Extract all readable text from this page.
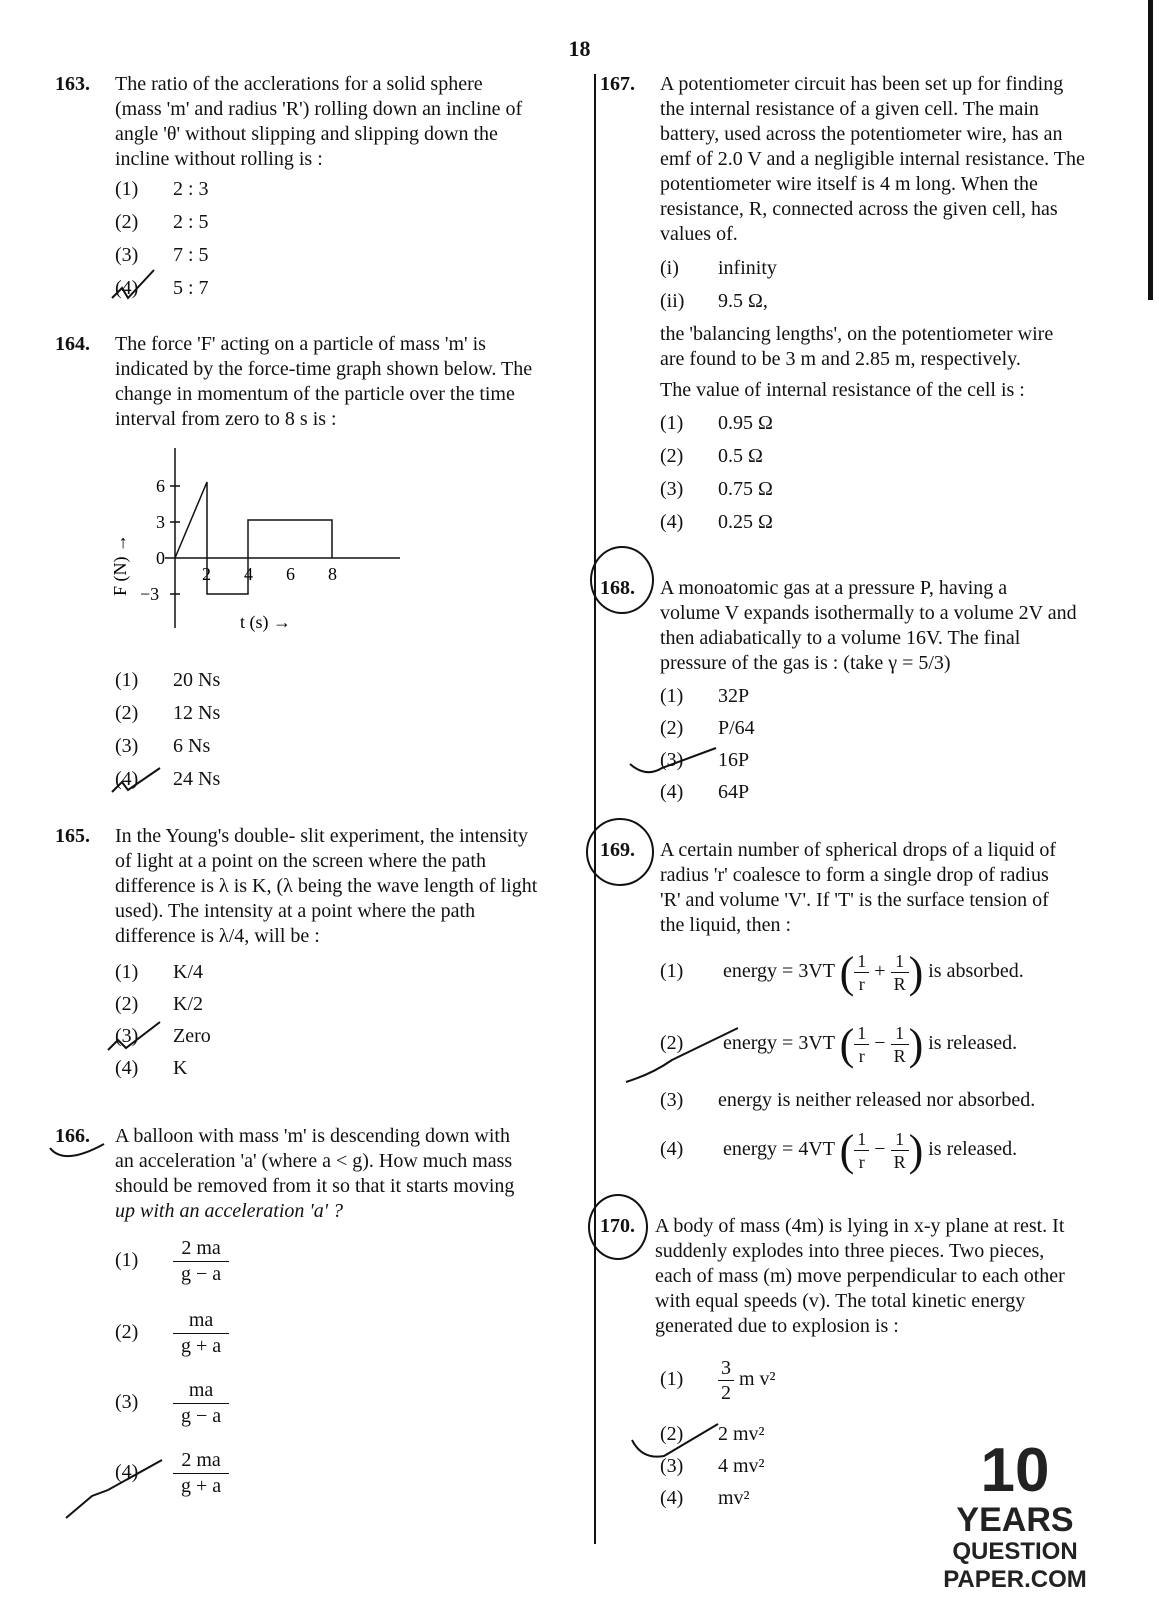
18
163. The ratio of the acclerations for a solid sphere
(mass 'm' and radius 'R') rolling down an incline of
angle 'θ' without slipping and slipping down the
incline without rolling is :
(1) 2 : 3
(2) 2 : 5
(3) 7 : 5
(4) 5 : 7
164. The force 'F' acting on a particle of mass 'm' is
indicated by the force-time graph shown below. The
change in momentum of the particle over the time
interval from zero to 8 s is :
6
3
0
−3
2 4 6 8
t (s) →
F (N) →
(1) 20 Ns
(2) 12 Ns
(3) 6 Ns
(4) 24 Ns
165. In the Young's double- slit experiment, the intensity
of light at a point on the screen where the path
difference is λ is K, (λ being the wave length of light
used). The intensity at a point where the path
difference is λ/4, will be :
(1) K/4
(2) K/2
(3) Zero
(4) K
166. A balloon with mass 'm' is descending down with
an acceleration 'a' (where a < g). How much mass
should be removed from it so that it starts moving
up with an acceleration 'a' ?
$(1) \frac{2 ma}{g - a}$
$(2) \frac{ma}{g + a}$
$(3) \frac{ma}{g - a}$
$(4) \frac{2 ma}{g + a}$
167. A potentiometer circuit has been set up for finding
the internal resistance of a given cell. The main
battery, used across the potentiometer wire, has an
emf of 2.0 V and a negligible internal resistance. The
potentiometer wire itself is 4 m long. When the
resistance, R, connected across the given cell, has
values of.
(i) infinity
(ii) 9.5 Ω,
the 'balancing lengths', on the potentiometer wire
are found to be 3 m and 2.85 m, respectively.
The value of internal resistance of the cell is :
(1) 0.95 Ω
(2) 0.5 Ω
(3) 0.75 Ω
(4) 0.25 Ω
168. A monoatomic gas at a pressure P, having a
volume V expands isothermally to a volume 2V and
then adiabatically to a volume 16V. The final
pressure of the gas is : (take γ = 5/3)
(1) 32P
(2) P/64
(3) 16P
(4) 64P
169. A certain number of spherical drops of a liquid of
radius 'r' coalesce to form a single drop of radius
'R' and volume 'V'. If 'T' is the surface tension of
the liquid, then :
(1) energy = 3VT ( $\frac{1}{r} + \frac{1}{R}$ ) is absorbed.
(2) energy = 3VT ( $\frac{1}{r} - \frac{1}{R}$ ) is released.
(3) energy is neither released nor absorbed.
(4) energy = 4VT ( $\frac{1}{r} - \frac{1}{R}$ ) is released.
170. A body of mass (4m) is lying in x-y plane at rest. It
suddenly explodes into three pieces. Two pieces,
each of mass (m) move perpendicular to each other
with equal speeds (v). The total kinetic energy
generated due to explosion is :
$(1) \frac{3}{2}$ m v²
(2) 2 mv²
(3) 4 mv²
(4) mv²	10
YEARS
QUESTION PAPER.COM
